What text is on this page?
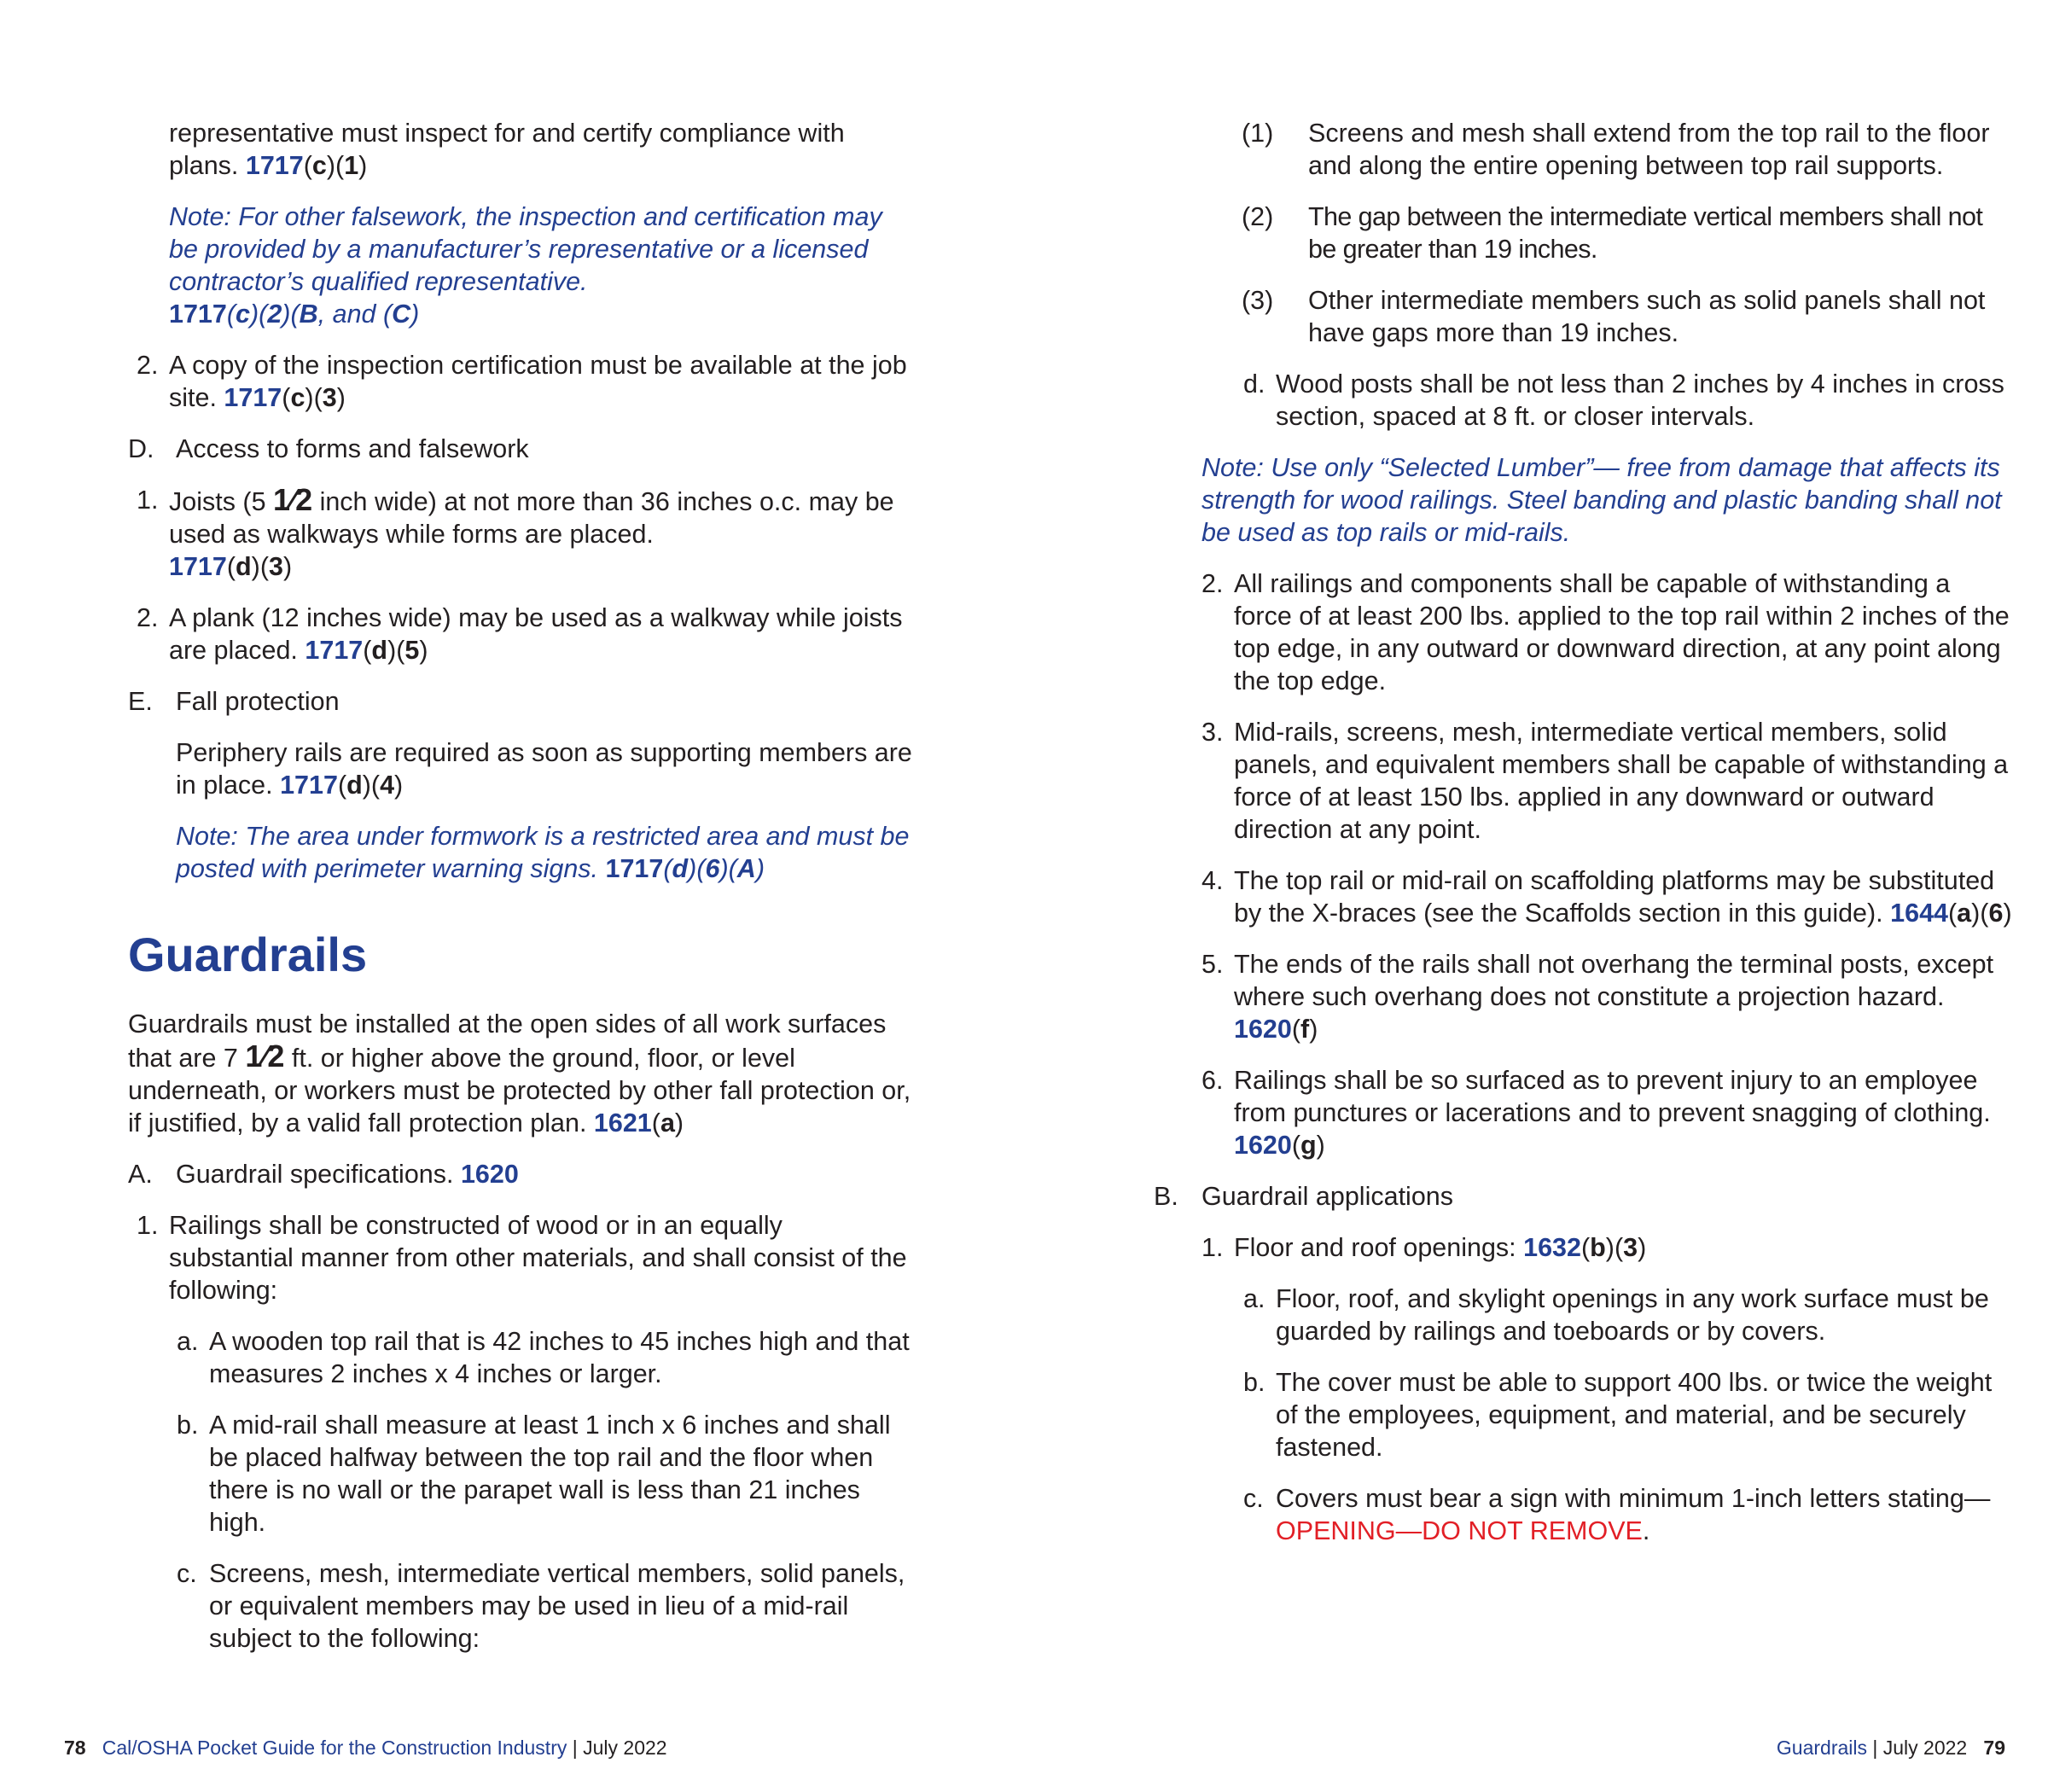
representative must inspect for and certify compliance with plans. 1717(c)(1)
Note: For other falsework, the inspection and certification may be provided by a manufacturer’s representative or a licensed contractor’s qualified representative.
1717(c)(2)(B, and (C)
2. A copy of the inspection certification must be available at the job site. 1717(c)(3)
D. Access to forms and falsework
1. Joists (5 1⁄2 inch wide) at not more than 36 inches o.c. may be used as walkways while forms are placed.
1717(d)(3)
2. A plank (12 inches wide) may be used as a walkway while joists are placed. 1717(d)(5)
E. Fall protection
Periphery rails are required as soon as supporting members are in place. 1717(d)(4)
Note: The area under formwork is a restricted area and must be posted with perimeter warning signs. 1717(d)(6)(A)
Guardrails
Guardrails must be installed at the open sides of all work surfaces that are 7 1⁄2 ft. or higher above the ground, floor, or level underneath, or workers must be protected by other fall protection or, if justified, by a valid fall protection plan. 1621(a)
A. Guardrail specifications. 1620
1. Railings shall be constructed of wood or in an equally substantial manner from other materials, and shall consist of the following:
a. A wooden top rail that is 42 inches to 45 inches high and that measures 2 inches x 4 inches or larger.
b. A mid-rail shall measure at least 1 inch x 6 inches and shall be placed halfway between the top rail and the floor when there is no wall or the parapet wall is less than 21 inches high.
c. Screens, mesh, intermediate vertical members, solid panels, or equivalent members may be used in lieu of a mid-rail subject to the following:
78 Cal/OSHA Pocket Guide for the Construction Industry | July 2022
(1)	Screens and mesh shall extend from the top rail to the floor and along the entire opening between top rail supports.
(2)	The gap between the intermediate vertical members shall not be greater than 19 inches.
(3)	Other intermediate members such as solid panels shall not have gaps more than 19 inches.
d. Wood posts shall be not less than 2 inches by 4 inches in cross section, spaced at 8 ft. or closer intervals.
Note: Use only “Selected Lumber”— free from damage that affects its strength for wood railings. Steel banding and plastic banding shall not be used as top rails or mid-rails.
2. All railings and components shall be capable of withstanding a force of at least 200 lbs. applied to the top rail within 2 inches of the top edge, in any outward or downward direction, at any point along the top edge.
3. Mid-rails, screens, mesh, intermediate vertical members, solid panels, and equivalent members shall be capable of withstanding a force of at least 150 lbs. applied in any downward or outward direction at any point.
4. The top rail or mid-rail on scaffolding platforms may be substituted by the X-braces (see the Scaffolds section in this guide). 1644(a)(6)
5. The ends of the rails shall not overhang the terminal posts, except where such overhang does not constitute a projection hazard. 1620(f)
6. Railings shall be so surfaced as to prevent injury to an employee from punctures or lacerations and to prevent snagging of clothing. 1620(g)
B. Guardrail applications
1. Floor and roof openings: 1632(b)(3)
a. Floor, roof, and skylight openings in any work surface must be guarded by railings and toeboards or by covers.
b. The cover must be able to support 400 lbs. or twice the weight of the employees, equipment, and material, and be securely fastened.
c. Covers must bear a sign with minimum 1-inch letters stating—OPENING—DO NOT REMOVE.
Guardrails | July 2022 79
